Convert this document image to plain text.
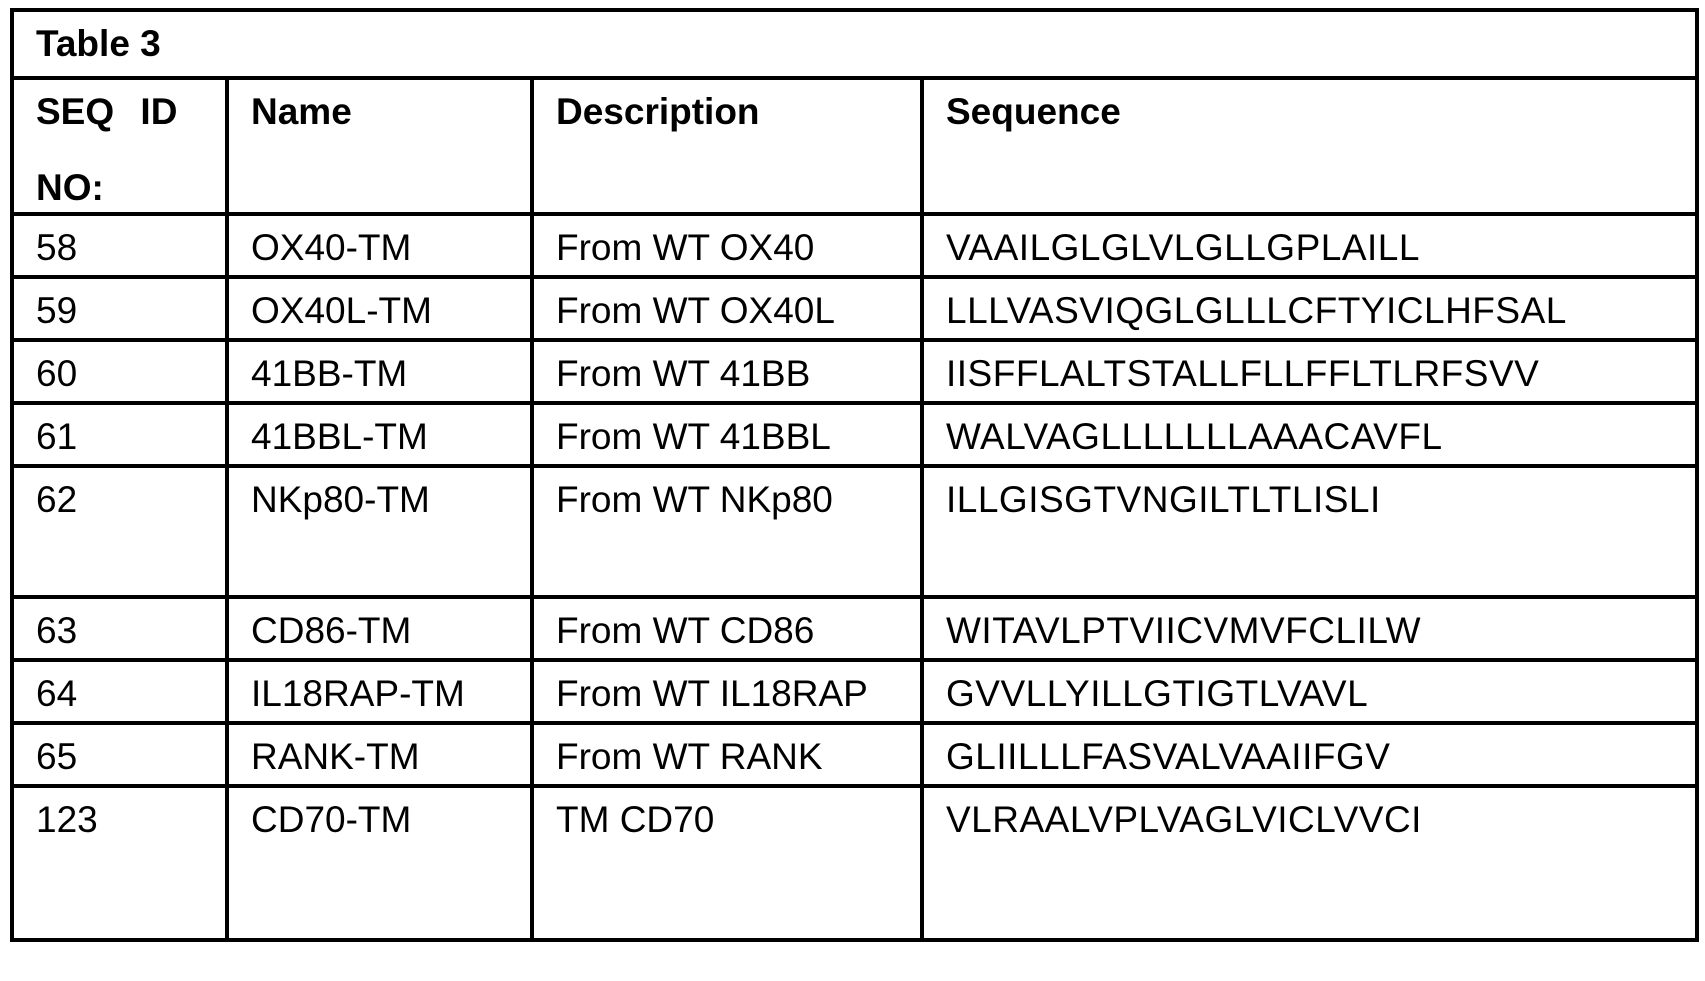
Table 3			

SEQ ID
NO:	Name	Description	Sequence
58	OX40-TM	From WT OX40	VAAILGLGLVLGLLGPLAILL
59	OX40L-TM	From WT OX40L	LLLVASVIQGLGLLLCFTYICLHFSAL
60	41BB-TM	From WT 41BB	IISFFLALTSTALLFLLFFLTLRFSVV
61	41BBL-TM	From WT 41BBL	WALVAGLLLLLLLAAACAVFL
62	NKp80-TM	From WT NKp80	ILLGISGTVNGILTLTLISLI
63	CD86-TM	From WT CD86	WITAVLPTVIICVMVFCLILW
64	IL18RAP-TM	From WT IL18RAP	GVVLLYILLGTIGTLVAVL
65	RANK-TM	From WT RANK	GLIILLLFASVALVAAIIFGV
123	CD70-TM	TM CD70	VLRAALVPLVAGLVICLVVCI
